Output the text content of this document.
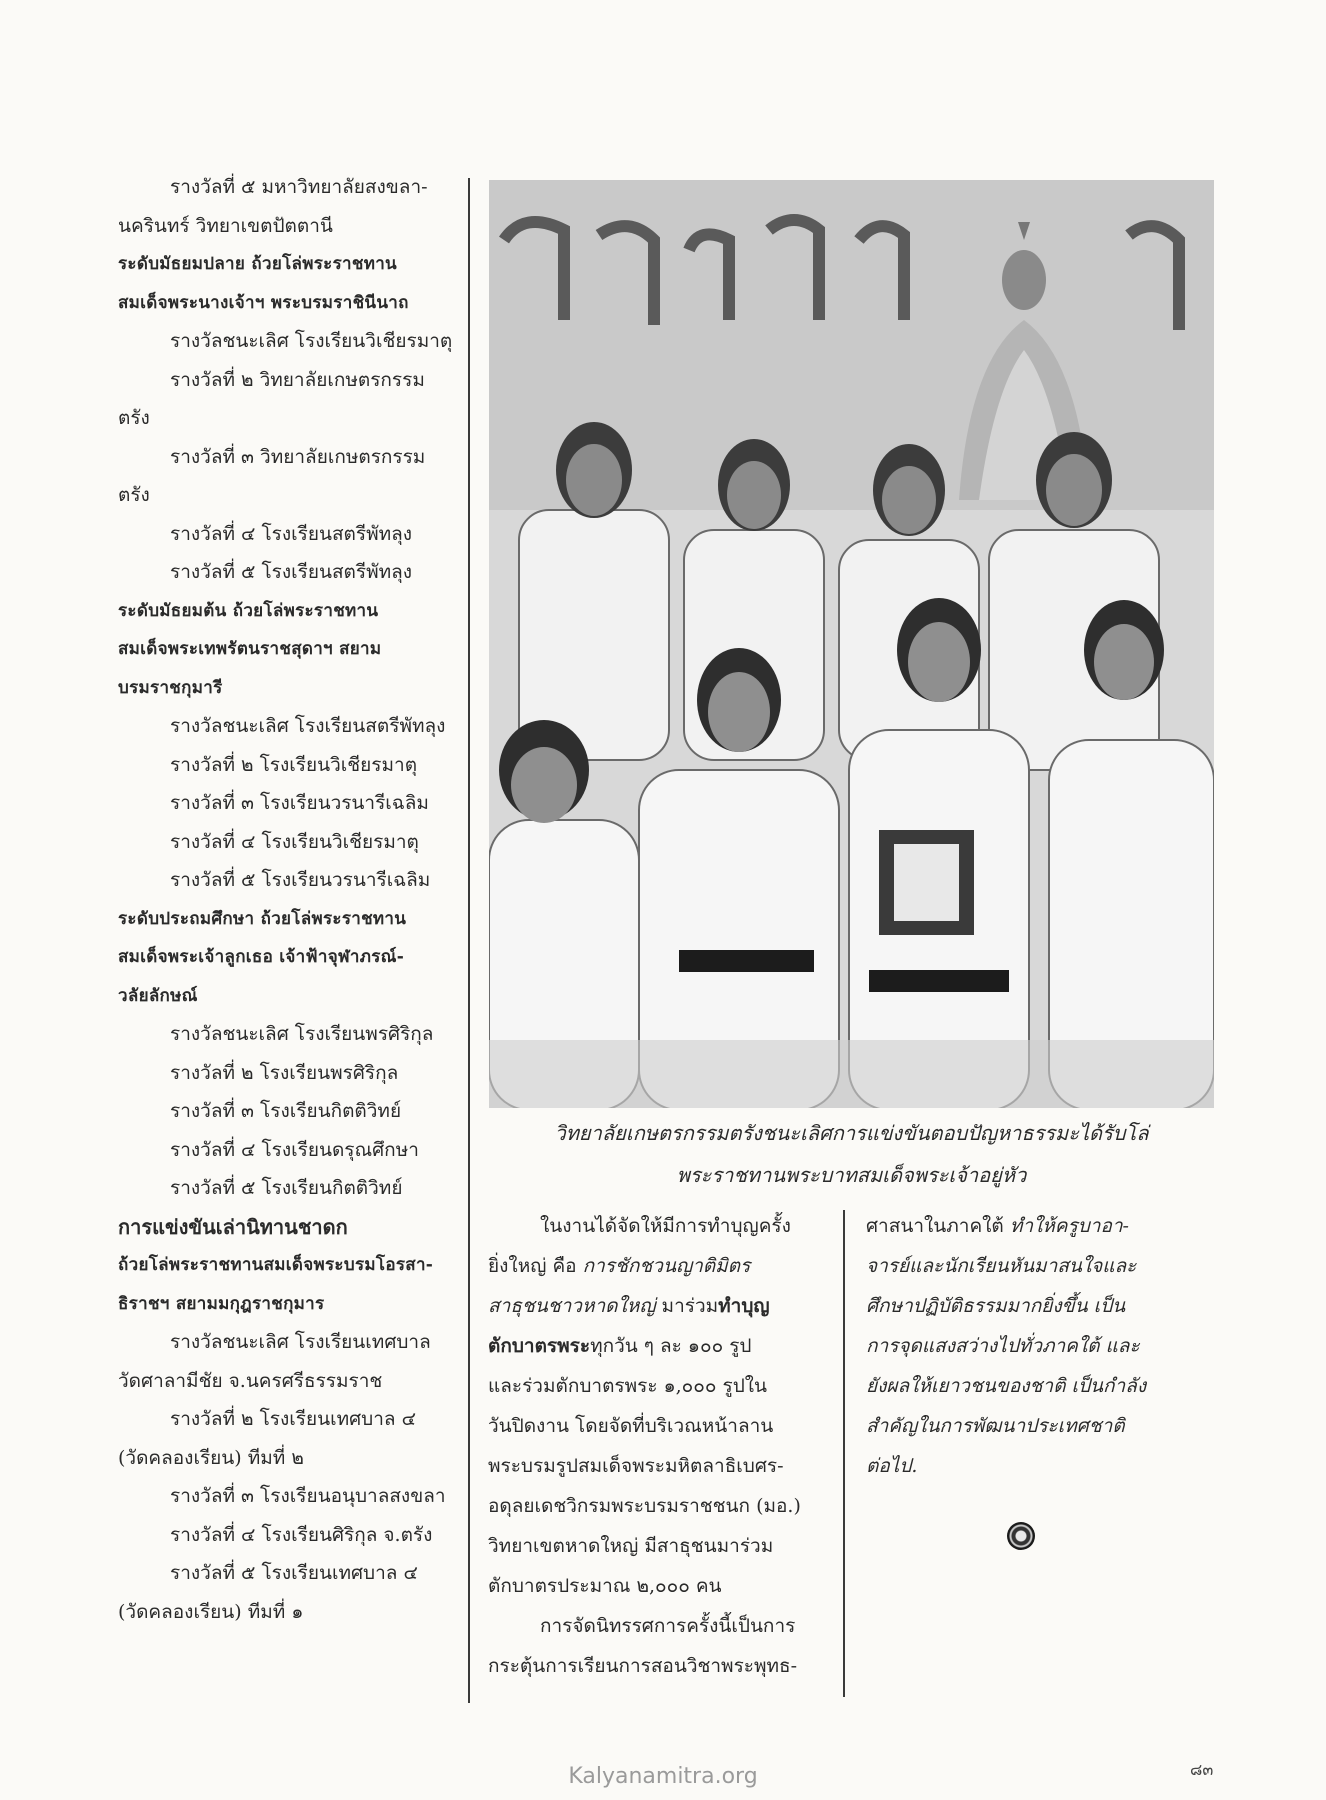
รางวัลที่ ๕ มหาวิทยาลัยสงขลา-
นครินทร์ วิทยาเขตปัตตานี
ระดับมัธยมปลาย ถ้วยโล่พระราชทาน
สมเด็จพระนางเจ้าฯ พระบรมราชินีนาถ
รางวัลชนะเลิศ โรงเรียนวิเชียรมาตุ
รางวัลที่ ๒ วิทยาลัยเกษตรกรรม
ตรัง
รางวัลที่ ๓ วิทยาลัยเกษตรกรรม
ตรัง
รางวัลที่ ๔ โรงเรียนสตรีพัทลุง
รางวัลที่ ๕ โรงเรียนสตรีพัทลุง
ระดับมัธยมต้น ถ้วยโล่พระราชทาน
สมเด็จพระเทพรัตนราชสุดาฯ สยาม
บรมราชกุมารี
รางวัลชนะเลิศ โรงเรียนสตรีพัทลุง
รางวัลที่ ๒ โรงเรียนวิเชียรมาตุ
รางวัลที่ ๓ โรงเรียนวรนารีเฉลิม
รางวัลที่ ๔ โรงเรียนวิเชียรมาตุ
รางวัลที่ ๕ โรงเรียนวรนารีเฉลิม
ระดับประถมศึกษา ถ้วยโล่พระราชทาน
สมเด็จพระเจ้าลูกเธอ เจ้าฟ้าจุฬาภรณ์-
วลัยลักษณ์
รางวัลชนะเลิศ โรงเรียนพรศิริกุล
รางวัลที่ ๒ โรงเรียนพรศิริกุล
รางวัลที่ ๓ โรงเรียนกิตติวิทย์
รางวัลที่ ๔ โรงเรียนดรุณศึกษา
รางวัลที่ ๕ โรงเรียนกิตติวิทย์
การแข่งขันเล่านิทานชาดก
ถ้วยโล่พระราชทานสมเด็จพระบรมโอรสา-
ธิราชฯ สยามมกุฎราชกุมาร
รางวัลชนะเลิศ โรงเรียนเทศบาล
วัดศาลามีชัย จ.นครศรีธรรมราช
รางวัลที่ ๒ โรงเรียนเทศบาล ๔
(วัดคลองเรียน) ทีมที่ ๒
รางวัลที่ ๓ โรงเรียนอนุบาลสงขลา
รางวัลที่ ๔ โรงเรียนศิริกุล จ.ตรัง
รางวัลที่ ๕ โรงเรียนเทศบาล ๔
(วัดคลองเรียน) ทีมที่ ๑
วิทยาลัยเกษตรกรรมตรังชนะเลิศการแข่งขันตอบปัญหาธรรมะได้รับโล่
พระราชทานพระบาทสมเด็จพระเจ้าอยู่หัว
ในงานได้จัดให้มีการทำบุญครั้ง
ยิ่งใหญ่ คือ การชักชวนญาติมิตร
สาธุชนชาวหาดใหญ่ มาร่วมทำบุญ
ตักบาตรพระทุกวัน ๆ ละ ๑๐๐ รูป
และร่วมตักบาตรพระ ๑,๐๐๐ รูปใน
วันปิดงาน โดยจัดที่บริเวณหน้าลาน
พระบรมรูปสมเด็จพระมหิตลาธิเบศร-
อดุลยเดชวิกรมพระบรมราชชนก (มอ.)
วิทยาเขตหาดใหญ่ มีสาธุชนมาร่วม
ตักบาตรประมาณ ๒,๐๐๐ คน
การจัดนิทรรศการครั้งนี้เป็นการ
กระตุ้นการเรียนการสอนวิชาพระพุทธ-
ศาสนาในภาคใต้ ทำให้ครูบาอา-
จารย์และนักเรียนหันมาสนใจและ
ศึกษาปฏิบัติธรรมมากยิ่งขึ้น เป็น
การจุดแสงสว่างไปทั่วภาคใต้ และ
ยังผลให้เยาวชนของชาติ เป็นกำลัง
สำคัญในการพัฒนาประเทศชาติ
ต่อไป.
๘๓
Kalyanamitra.org
